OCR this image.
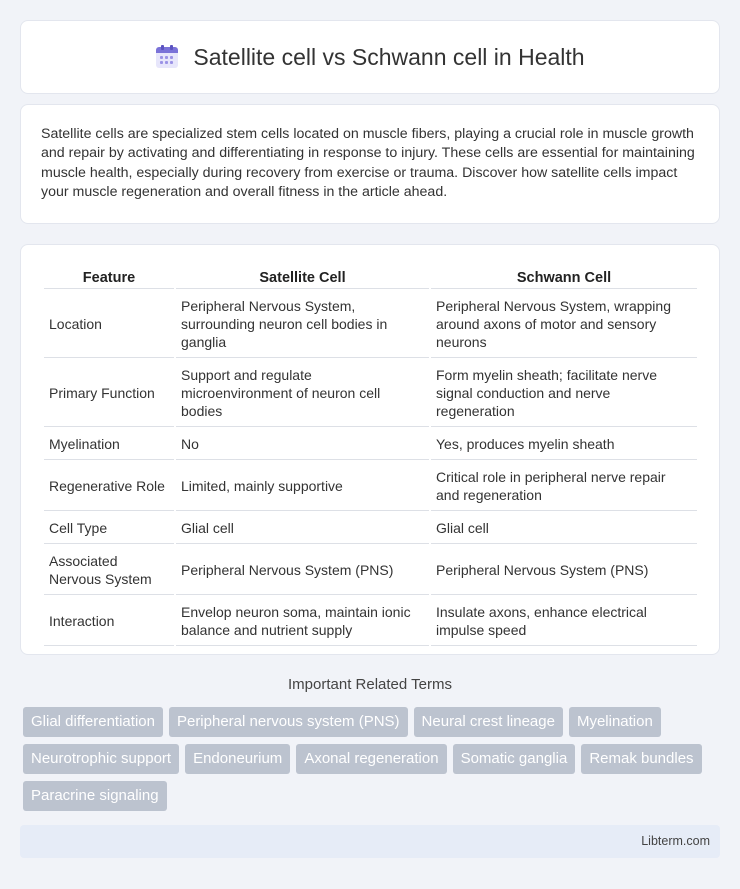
Satellite cell vs Schwann cell in Health

Satellite cells are specialized stem cells located on muscle fibers, playing a crucial role in muscle growth and repair by activating and differentiating in response to injury. These cells are essential for maintaining muscle health, especially during recovery from exercise or trauma. Discover how satellite cells impact your muscle regeneration and overall fitness in the article ahead.

Feature	Satellite Cell	Schwann Cell
Location	Peripheral Nervous System, surrounding neuron cell bodies in ganglia	Peripheral Nervous System, wrapping around axons of motor and sensory neurons
Primary Function	Support and regulate microenvironment of neuron cell bodies	Form myelin sheath; facilitate nerve signal conduction and nerve regeneration
Myelination	No	Yes, produces myelin sheath
Regenerative Role	Limited, mainly supportive	Critical role in peripheral nerve repair and regeneration
Cell Type	Glial cell	Glial cell
Associated Nervous System	Peripheral Nervous System (PNS)	Peripheral Nervous System (PNS)
Interaction	Envelop neuron soma, maintain ionic balance and nutrient supply	Insulate axons, enhance electrical impulse speed
Important Related Terms
Glial differentiation	Peripheral nervous system (PNS)	Neural crest lineage	Myelination
Neurotrophic support	Endoneurium	Axonal regeneration	Somatic ganglia	Remak bundles
Paracrine signaling
Libterm.com
